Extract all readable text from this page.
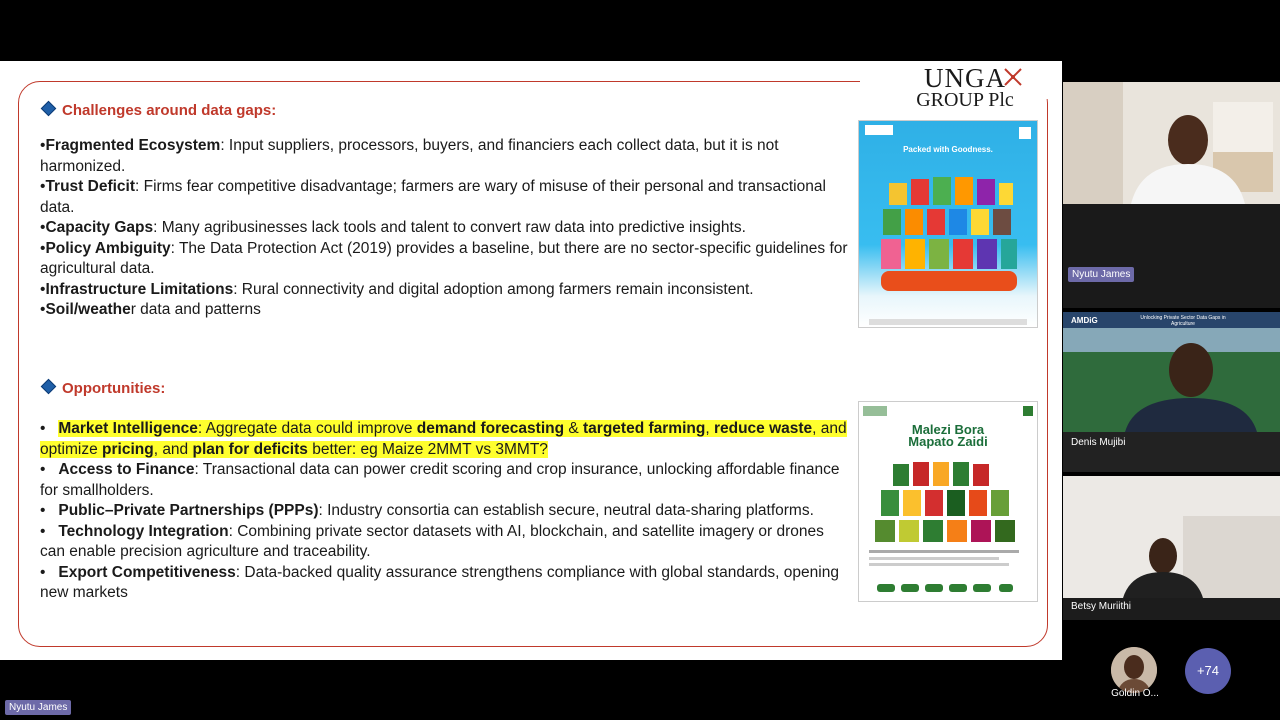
UNGA
GROUP Plc
Challenges around data gaps:

•Fragmented Ecosystem: Input suppliers, processors, buyers, and financiers each collect data, but it is not harmonized.

•Trust Deficit: Firms fear competitive disadvantage; farmers are wary of misuse of their personal and transactional data.

•Capacity Gaps: Many agribusinesses lack tools and talent to convert raw data into predictive insights.

•Policy Ambiguity: The Data Protection Act (2019) provides a baseline, but there are no sector-specific guidelines for agricultural data.

•Infrastructure Limitations: Rural connectivity and digital adoption among farmers remain inconsistent.

•Soil/weather data and patterns

Opportunities:

• Market Intelligence: Aggregate data could improve demand forecasting & targeted farming, reduce waste, and optimize pricing, and plan for deficits better: eg Maize 2MMT vs 3MMT?

• Access to Finance: Transactional data can power credit scoring and crop insurance, unlocking affordable finance for smallholders.

• Public–Private Partnerships (PPPs): Industry consortia can establish secure, neutral data-sharing platforms.

• Technology Integration: Combining private sector datasets with AI, blockchain, and satellite imagery or drones can enable precision agriculture and traceability.

• Export Competitiveness: Data-backed quality assurance strengthens compliance with global standards, opening new markets

Packed with Goodness.
Malezi Bora
Mapato Zaidi
Nyutu James
AMDiG	Unlocking Private Sector Data Gaps in Agriculture
Denis Mujibi
Betsy Muriithi
Goldin O...
+74
Nyutu James
